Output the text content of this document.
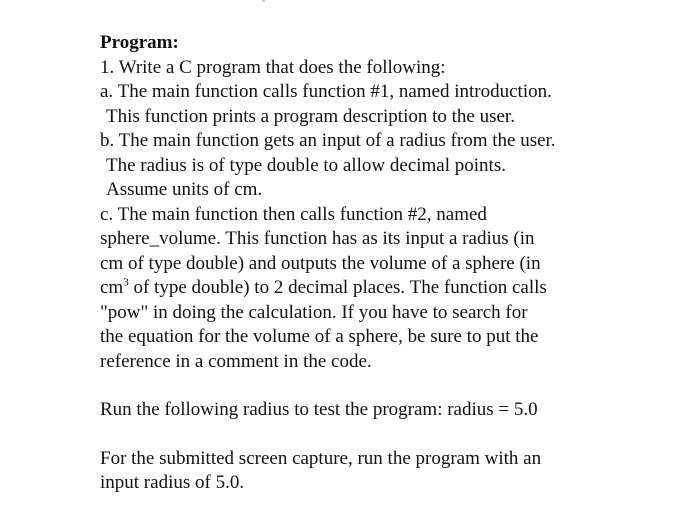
Program:
1. Write a C program that does the following:
a. The main function calls function #1, named introduction.
This function prints a program description to the user.
b. The main function gets an input of a radius from the user.
The radius is of type double to allow decimal points.
Assume units of cm.
c. The main function then calls function #2, named
sphere_volume. This function has as its input a radius (in
cm of type double) and outputs the volume of a sphere (in
$cm^3$ of type double) to 2 decimal places. The function calls
"pow" in doing the calculation. If you have to search for
the equation for the volume of a sphere, be sure to put the
reference in a comment in the code.
Run the following radius to test the program: radius = 5.0
For the submitted screen capture, run the program with an
input radius of 5.0.
